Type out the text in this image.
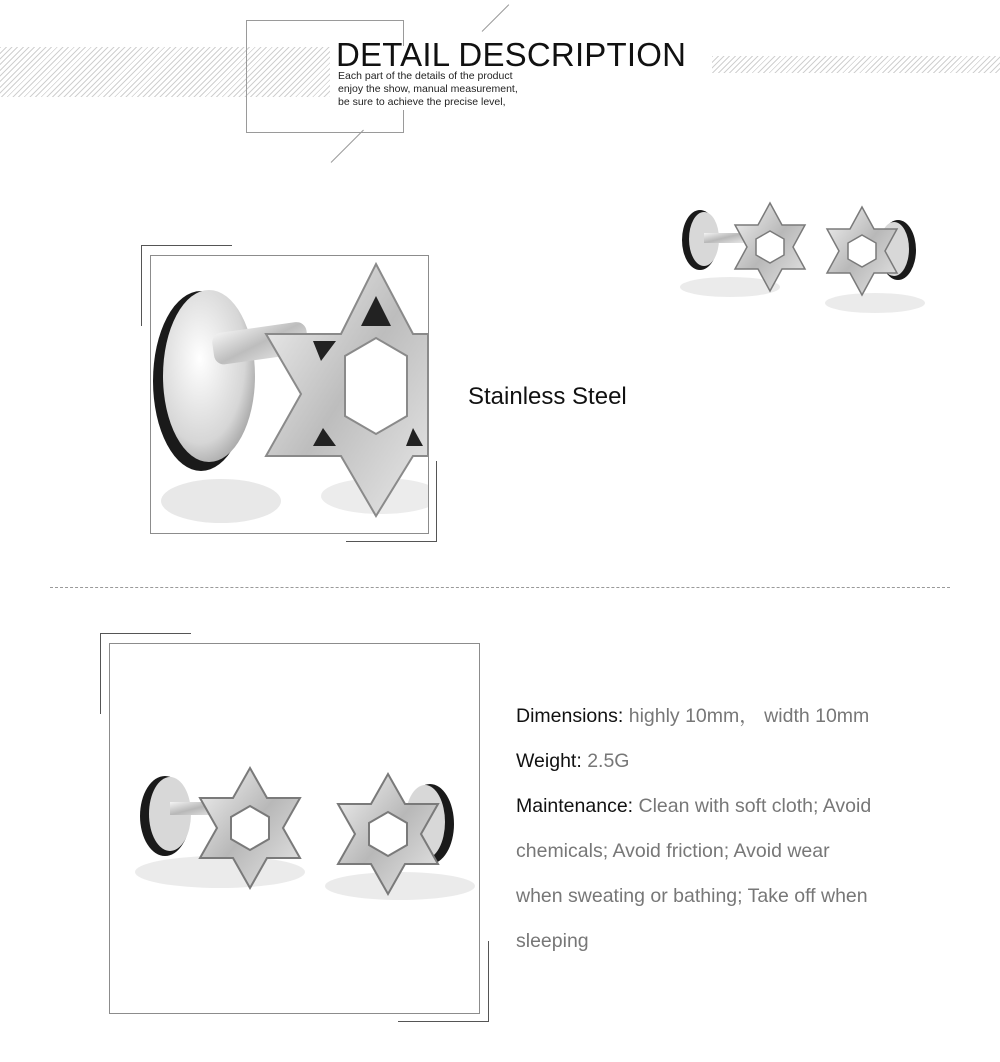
DETAIL DESCRIPTION
Each part of the details of the product
enjoy the show, manual measurement,
be sure to achieve the precise level,
Stainless Steel
Dimensions: highly 10mm， width 10mm
Weight: 2.5G
Maintenance: Clean with soft cloth; Avoid
chemicals; Avoid friction; Avoid wear
when sweating or bathing; Take off when
sleeping
